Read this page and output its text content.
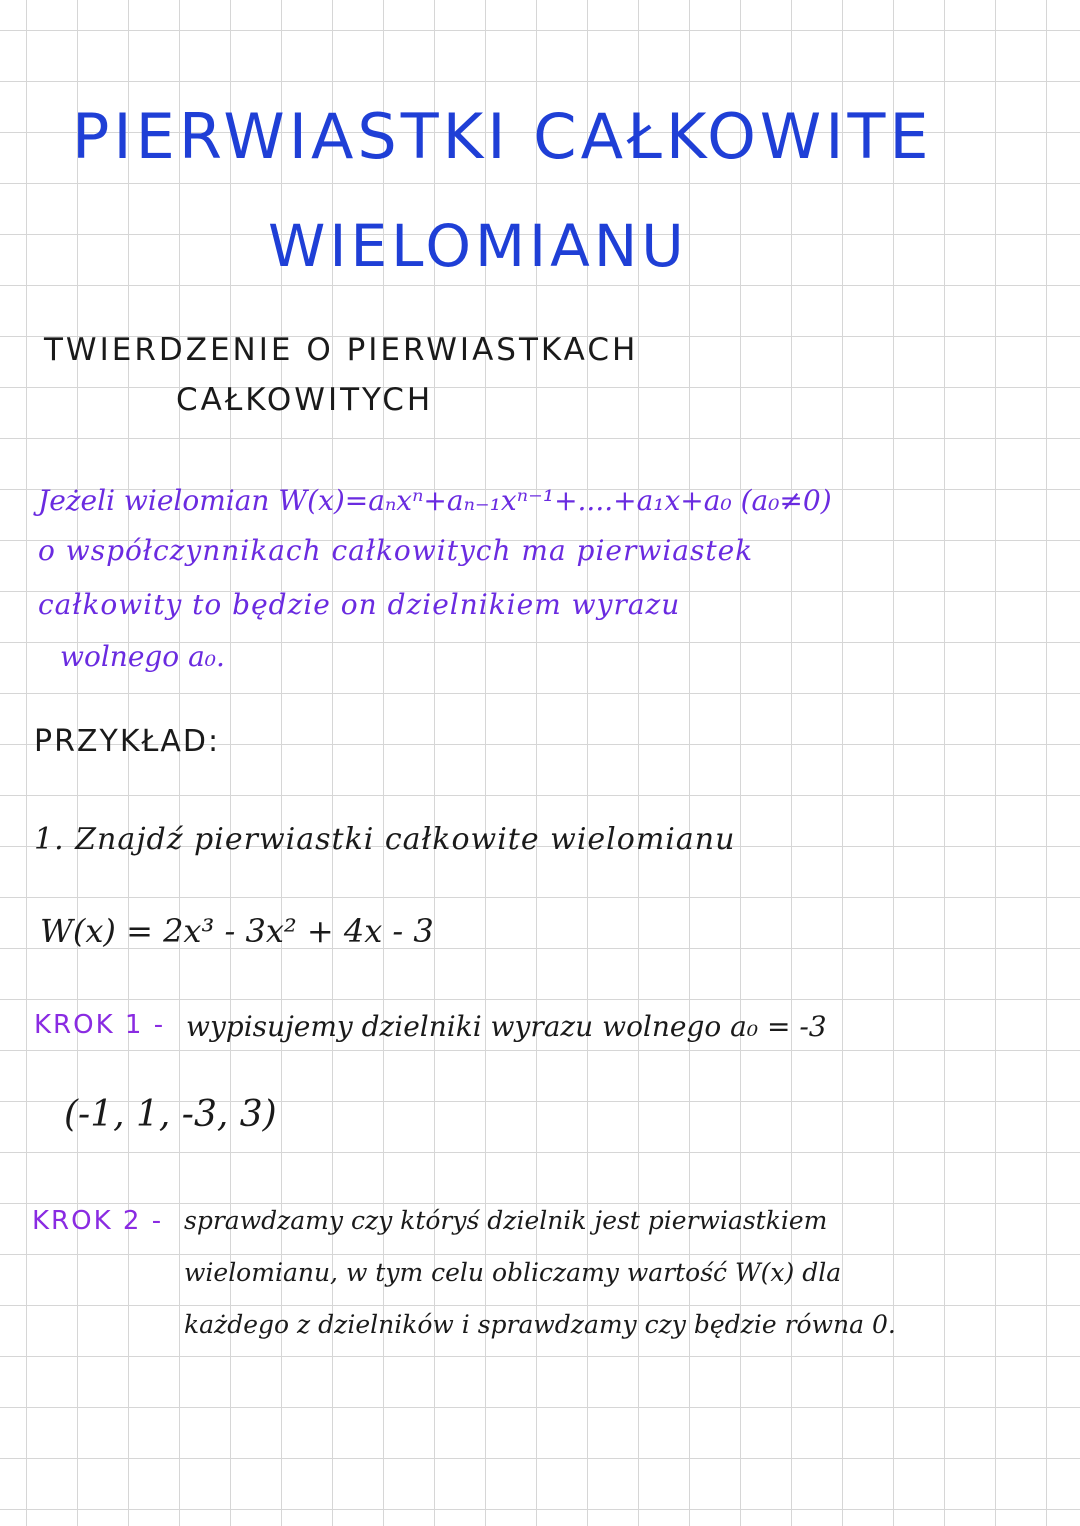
PIERWIASTKI CAŁKOWITE
WIELOMIANU
TWIERDZENIE O PIERWIASTKACH
CAŁKOWITYCH
Jeżeli wielomian W(x)=aₙxⁿ+aₙ₋₁xⁿ⁻¹+....+a₁x+a₀ (a₀≠0)
o współczynnikach całkowitych ma pierwiastek
całkowity to będzie on dzielnikiem wyrazu
wolnego a₀.
PRZYKŁAD:
1. Znajdź pierwiastki całkowite wielomianu
W(x) = 2x³ - 3x² + 4x - 3
KROK 1 - wypisujemy dzielniki wyrazu wolnego a₀ = -3
(-1, 1, -3, 3)
KROK 2 - sprawdzamy czy któryś dzielnik jest pierwiastkiem
wielomianu, w tym celu obliczamy wartość W(x) dla
każdego z dzielników i sprawdzamy czy będzie równa 0.
